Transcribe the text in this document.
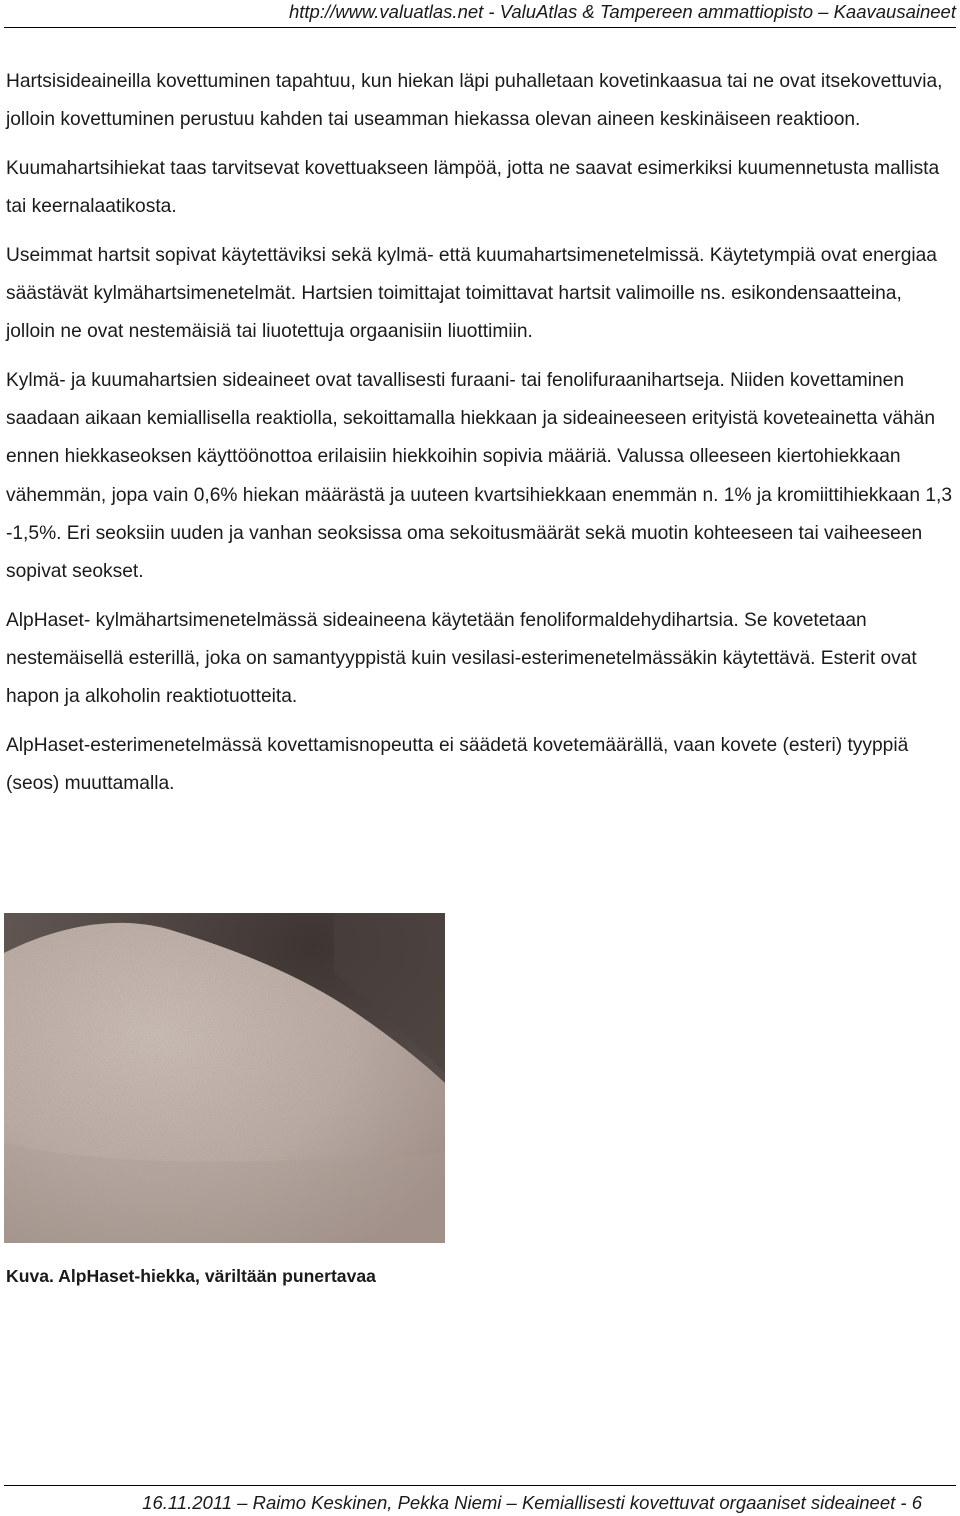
http://www.valuatlas.net - ValuAtlas & Tampereen ammattiopisto – Kaavausaineet

Hartsisideaineilla kovettuminen tapahtuu, kun hiekan läpi puhalletaan kovetinkaasua tai ne ovat itsekovettuvia, jolloin kovettuminen perustuu kahden tai useamman hiekassa olevan aineen keskinäiseen reaktioon.

Kuumahartsihiekat taas tarvitsevat kovettuakseen lämpöä, jotta ne saavat esimerkiksi kuumennetusta mallista tai keernalaatikosta.

Useimmat hartsit sopivat käytettäviksi sekä kylmä- että kuumahartsimenetelmissä. Käytetympiä ovat energiaa säästävät kylmähartsimenetelmät. Hartsien toimittajat toimittavat hartsit valimoille ns. esikondensaatteina, jolloin ne ovat nestemäisiä tai liuotettuja orgaanisiin liuottimiin.

Kylmä- ja kuumahartsien sideaineet ovat tavallisesti furaani- tai fenolifuraanihartseja. Niiden kovettaminen saadaan aikaan kemiallisella reaktiolla, sekoittamalla hiekkaan ja sideaineeseen erityistä koveteainetta vähän ennen hiekkaseoksen käyttöönottoa erilaisiin hiekkoihin sopivia määriä. Valussa olleeseen kiertohiekkaan vähemmän, jopa vain 0,6% hiekan määrästä ja uuteen kvartsihiekkaan enemmän n. 1% ja kromiittihiekkaan 1,3 -1,5%. Eri seoksiin uuden ja vanhan seoksissa oma sekoitusmäärät sekä muotin kohteeseen tai vaiheeseen sopivat seokset.

AlpHaset- kylmähartsimenetelmässä sideaineena käytetään fenoliformaldehydihartsia. Se kovetetaan nestemäisellä esterillä, joka on samantyyppistä kuin vesilasi-esterimenetelmässäkin käytettävä. Esterit ovat hapon ja alkoholin reaktiotuotteita.

AlpHaset-esterimenetelmässä kovettamisnopeutta ei säädetä kovetemäärällä, vaan kovete (esteri) tyyppiä (seos) muuttamalla.

Kuva. AlpHaset-hiekka, väriltään punertavaa
16.11.2011 – Raimo Keskinen, Pekka Niemi – Kemiallisesti kovettuvat orgaaniset sideaineet - 6
